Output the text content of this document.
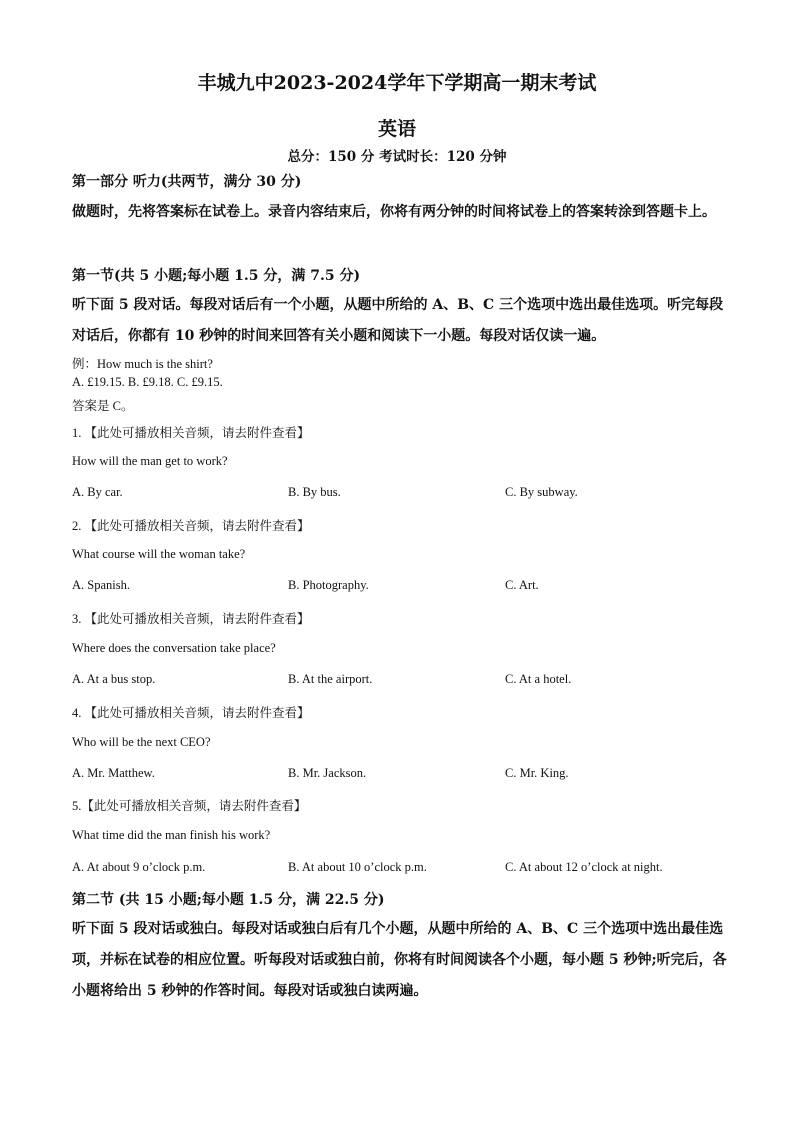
丰城九中2023-2024学年下学期高一期末考试
英语
总分：150 分 考试时长：120 分钟
第一部分 听力(共两节，满分 30 分)
做题时，先将答案标在试卷上。录音内容结束后，你将有两分钟的时间将试卷上的答案转涂到答题卡上。
第一节(共 5 小题;每小题 1.5 分，满 7.5 分)
听下面 5 段对话。每段对话后有一个小题，从题中所给的 A、B、C 三个选项中选出最佳选项。听完每段对话后，你都有 10 秒钟的时间来回答有关小题和阅读下一小题。每段对话仅读一遍。
例：How much is the shirt?
A. £19.15. B. £9.18. C. £9.15.
答案是 C。
1. 【此处可播放相关音频，请去附件查看】
How will the man get to work?
A. By car.	B. By bus.	C. By subway.
2. 【此处可播放相关音频，请去附件查看】
What course will the woman take?
A. Spanish.	B. Photography.	C. Art.
3. 【此处可播放相关音频，请去附件查看】
Where does the conversation take place?
A. At a bus stop.	B. At the airport.	C. At a hotel.
4. 【此处可播放相关音频，请去附件查看】
Who will be the next CEO?
A. Mr. Matthew.	B. Mr. Jackson.	C. Mr. King.
5.【此处可播放相关音频，请去附件查看】
What time did the man finish his work?
A. At about 9 o’clock p.m.	B. At about 10 o’clock p.m.	C. At about 12 o’clock at night.
第二节 (共 15 小题;每小题 1.5 分，满 22.5 分)
听下面 5 段对话或独白。每段对话或独白后有几个小题，从题中所给的 A、B、C 三个选项中选出最佳选项，并标在试卷的相应位置。听每段对话或独白前，你将有时间阅读各个小题，每小题 5 秒钟;听完后，各小题将给出 5 秒钟的作答时间。每段对话或独白读两遍。
